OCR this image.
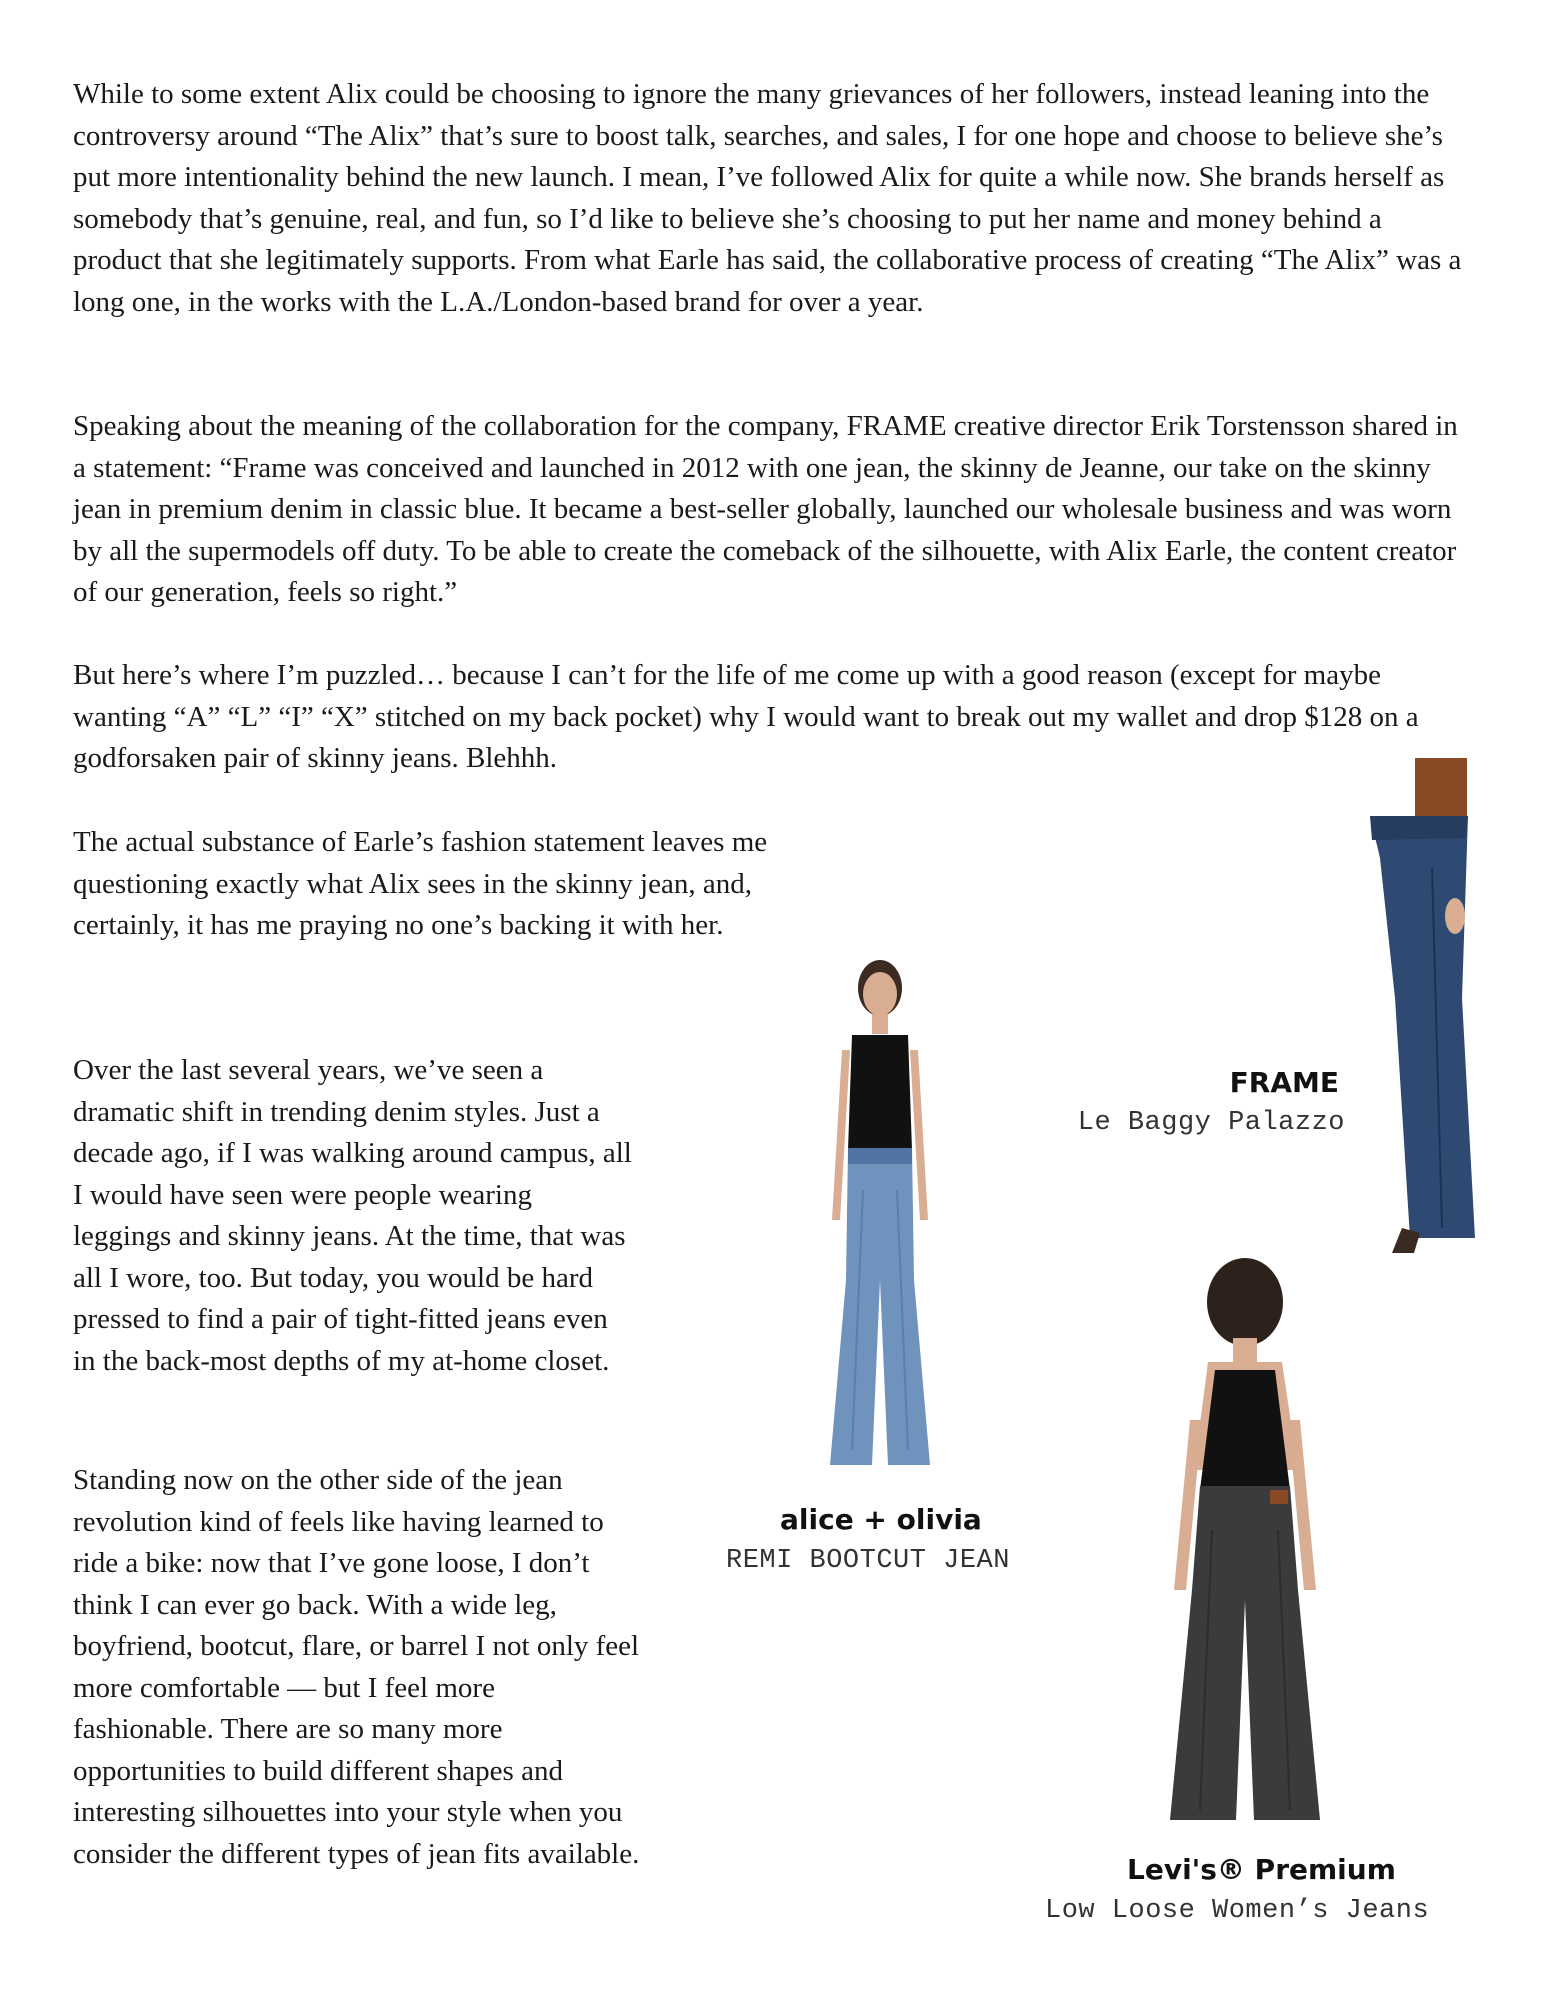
While to some extent Alix could be choosing to ignore the many grievances of her followers, instead leaning into the controversy around “The Alix” that’s sure to boost talk, searches, and sales, I for one hope and choose to believe she’s put more intentionality behind the new launch. I mean, I’ve followed Alix for quite a while now. She brands herself as somebody that’s genuine, real, and fun, so I’d like to believe she’s choosing to put her name and money behind a product that she legitimately supports. From what Earle has said, the collaborative process of creating “The Alix” was a long one, in the works with the L.A./London-based brand for over a year.

Speaking about the meaning of the collaboration for the company, FRAME creative director Erik Torstensson shared in a statement: “Frame was conceived and launched in 2012 with one jean, the skinny de Jeanne, our take on the skinny jean in premium denim in classic blue. It became a best-seller globally, launched our wholesale business and was worn by all the supermodels off duty. To be able to create the comeback of the silhouette, with Alix Earle, the content creator of our generation, feels so right.”

But here’s where I’m puzzled… because I can’t for the life of me come up with a good reason (except for maybe wanting “A” “L” “I” “X” stitched on my back pocket) why I would want to break out my wallet and drop $128 on a godforsaken pair of skinny jeans. Blehhh.

The actual substance of Earle’s fashion statement leaves me questioning exactly what Alix sees in the skinny jean, and, certainly, it has me praying no one’s backing it with her.

Over the last several years, we’ve seen a dramatic shift in trending denim styles. Just a decade ago, if I was walking around campus, all I would have seen were people wearing leggings and skinny jeans. At the time, that was all I wore, too. But today, you would be hard pressed to find a pair of tight-fitted jeans even in the back-most depths of my at-home closet.

Standing now on the other side of the jean revolution kind of feels like having learned to ride a bike: now that I’ve gone loose, I don’t think I can ever go back. With a wide leg, boyfriend, bootcut, flare, or barrel I not only feel more comfortable — but I feel more fashionable. There are so many more opportunities to build different shapes and interesting silhouettes into your style when you consider the different types of jean fits available.

FRAME
Le Baggy Palazzo
alice + olivia
REMI BOOTCUT JEAN
Levi's® Premium
Low Loose Women’s Jeans
